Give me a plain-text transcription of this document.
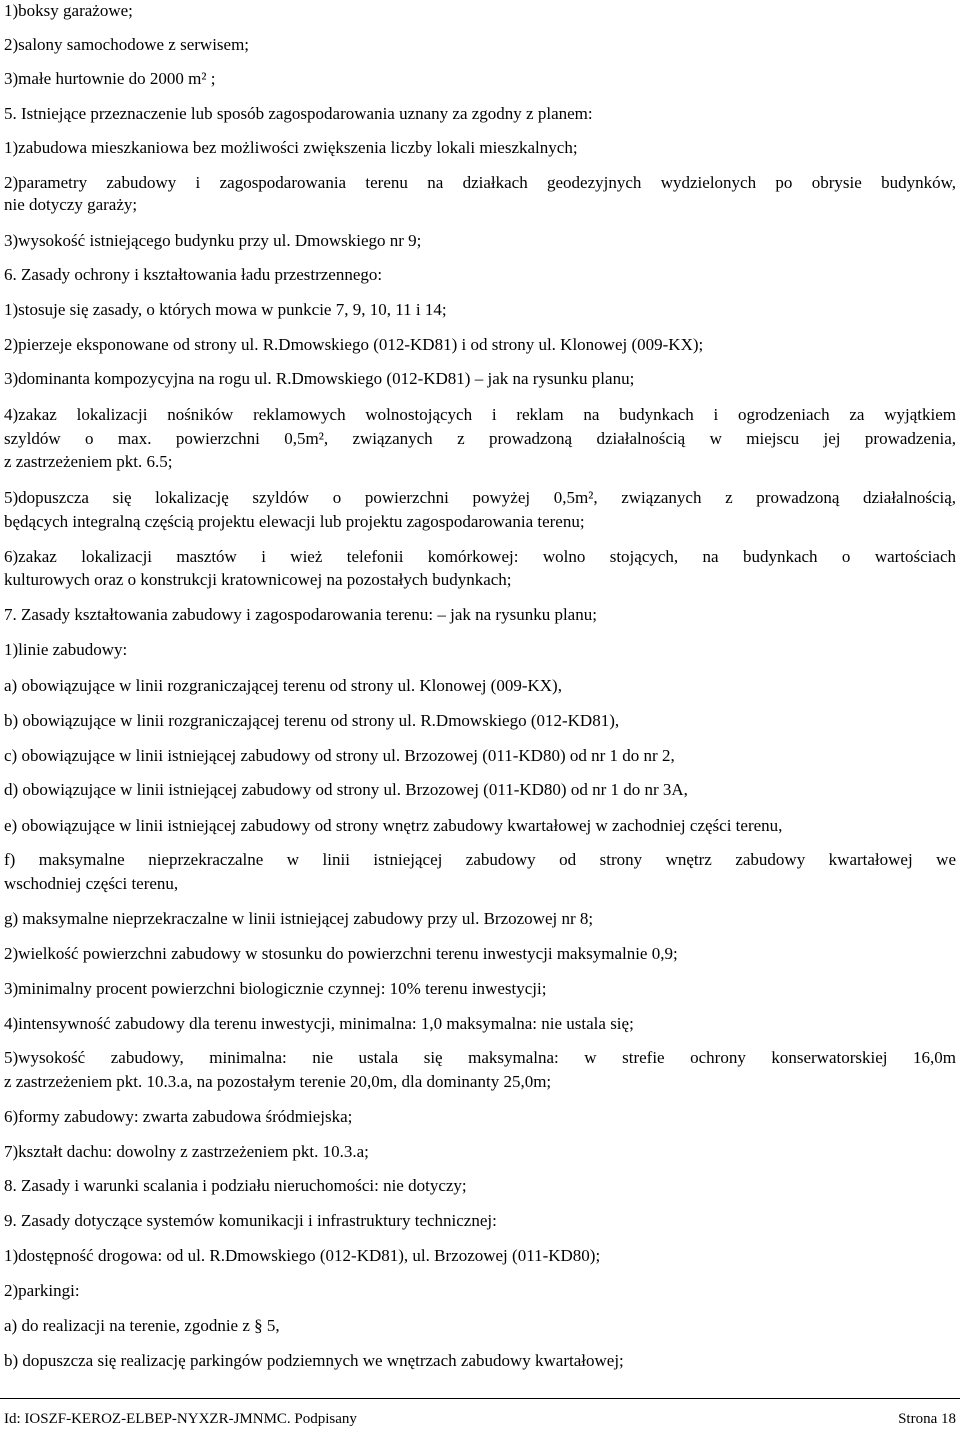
1)boksy garażowe;
2)salony samochodowe z serwisem;
3)małe hurtownie do 2000 m² ;
5. Istniejące przeznaczenie lub sposób zagospodarowania uznany za zgodny z planem:
1)zabudowa mieszkaniowa bez możliwości zwiększenia liczby lokali mieszkalnych;
2)parametry zabudowy i zagospodarowania terenu na działkach geodezyjnych wydzielonych po obrysie budynków,
nie dotyczy garaży;
3)wysokość istniejącego budynku przy ul. Dmowskiego nr 9;
6. Zasady ochrony i kształtowania ładu przestrzennego:
1)stosuje się zasady, o których mowa w punkcie 7, 9, 10, 11 i 14;
2)pierzeje eksponowane od strony ul. R.Dmowskiego (012-KD81) i od strony ul. Klonowej (009-KX);
3)dominanta kompozycyjna na rogu ul. R.Dmowskiego (012-KD81) – jak na rysunku planu;
4)zakaz lokalizacji nośników reklamowych wolnostojących i reklam na budynkach i ogrodzeniach za wyjątkiem
szyldów o max. powierzchni 0,5m², związanych z prowadzoną działalnością w miejscu jej prowadzenia,
z zastrzeżeniem pkt. 6.5;
5)dopuszcza się lokalizację szyldów o powierzchni powyżej 0,5m², związanych z prowadzoną działalnością,
będących integralną częścią projektu elewacji lub projektu zagospodarowania terenu;
6)zakaz lokalizacji masztów i wież telefonii komórkowej: wolno stojących, na budynkach o wartościach
kulturowych oraz o konstrukcji kratownicowej na pozostałych budynkach;
7. Zasady kształtowania zabudowy i zagospodarowania terenu: – jak na rysunku planu;
1)linie zabudowy:
a) obowiązujące w linii rozgraniczającej terenu od strony ul. Klonowej (009-KX),
b) obowiązujące w linii rozgraniczającej terenu od strony ul. R.Dmowskiego (012-KD81),
c) obowiązujące w linii istniejącej zabudowy od strony ul. Brzozowej (011-KD80) od nr 1 do nr 2,
d) obowiązujące w linii istniejącej zabudowy od strony ul. Brzozowej (011-KD80) od nr 1 do nr 3A,
e) obowiązujące w linii istniejącej zabudowy od strony wnętrz zabudowy kwartałowej w zachodniej części terenu,
f) maksymalne nieprzekraczalne w linii istniejącej zabudowy od strony wnętrz zabudowy kwartałowej we
wschodniej części terenu,
g) maksymalne nieprzekraczalne w linii istniejącej zabudowy przy ul. Brzozowej nr 8;
2)wielkość powierzchni zabudowy w stosunku do powierzchni terenu inwestycji maksymalnie 0,9;
3)minimalny procent powierzchni biologicznie czynnej: 10% terenu inwestycji;
4)intensywność zabudowy dla terenu inwestycji, minimalna: 1,0 maksymalna: nie ustala się;
5)wysokość zabudowy, minimalna: nie ustala się maksymalna: w strefie ochrony konserwatorskiej 16,0m
z zastrzeżeniem pkt. 10.3.a, na pozostałym terenie 20,0m, dla dominanty 25,0m;
6)formy zabudowy: zwarta zabudowa śródmiejska;
7)kształt dachu: dowolny z zastrzeżeniem pkt. 10.3.a;
8. Zasady i warunki scalania i podziału nieruchomości: nie dotyczy;
9. Zasady dotyczące systemów komunikacji i infrastruktury technicznej:
1)dostępność drogowa: od ul. R.Dmowskiego (012-KD81), ul. Brzozowej (011-KD80);
2)parkingi:
a) do realizacji na terenie, zgodnie z § 5,
b) dopuszcza się realizację parkingów podziemnych we wnętrzach zabudowy kwartałowej;
Id: IOSZF-KEROZ-ELBEP-NYXZR-JMNMC. Podpisany	Strona 18
